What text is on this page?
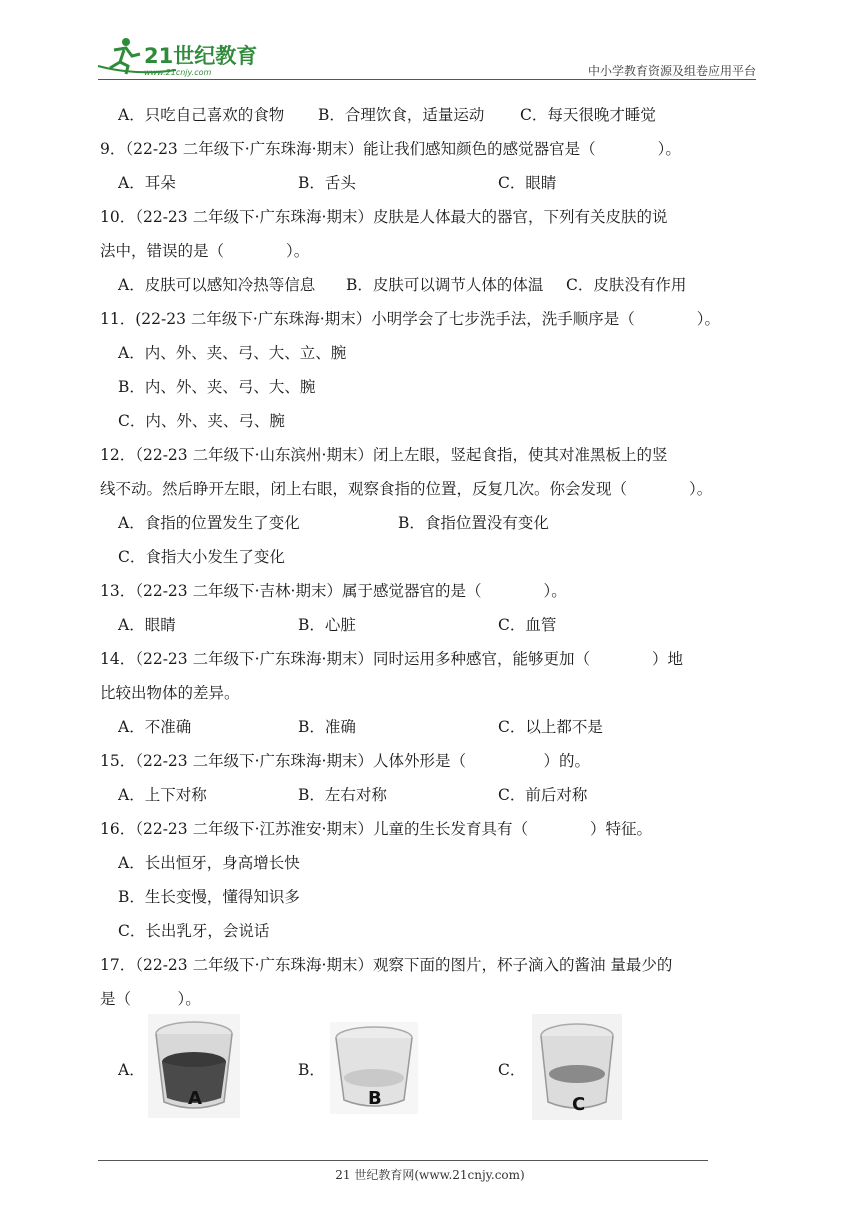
21世纪教育
www.21cnjy.com	中小学教育资源及组卷应用平台
A．只吃自己喜欢的食物 B．合理饮食，适量运动 C．每天很晚才睡觉
9．（22-23 二年级下·广东珠海·期末）能让我们感知颜色的感觉器官是（　　　　）。
A．耳朵	B．舌头	C．眼睛
10．（22-23 二年级下·广东珠海·期末）皮肤是人体最大的器官，下列有关皮肤的说
法中，错误的是（　　　　）。
A．皮肤可以感知冷热等信息 B．皮肤可以调节人体的体温 C．皮肤没有作用
11．(22-23 二年级下·广东珠海·期末）小明学会了七步洗手法，洗手顺序是（　　　　）。
A．内、外、夹、弓、大、立、腕
B．内、外、夹、弓、大、腕
C．内、外、夹、弓、腕
12．（22-23 二年级下·山东滨州·期末）闭上左眼，竖起食指，使其对准黑板上的竖
线不动。然后睁开左眼，闭上右眼，观察食指的位置，反复几次。你会发现（　　　　）。
A．食指的位置发生了变化	B．食指位置没有变化
C．食指大小发生了变化
13．（22-23 二年级下·吉林·期末）属于感觉器官的是（　　　　）。
A．眼睛	B．心脏	C．血管
14．（22-23 二年级下·广东珠海·期末）同时运用多种感官，能够更加（　　　　）地
比较出物体的差异。
A．不准确	B．准确	C．以上都不是
15．（22-23 二年级下·广东珠海·期末）人体外形是（　　　　　）的。
A．上下对称	B．左右对称	C．前后对称
16．（22-23 二年级下·江苏淮安·期末）儿童的生长发育具有（　　　　）特征。
A．长出恒牙，身高增长快
B．生长变慢，懂得知识多
C．长出乳牙，会说话
17．（22-23 二年级下·广东珠海·期末）观察下面的图片，杯子滴入的酱油 量最少的
是（　　　）。
A．
A
B．
B
C．
C
21 世纪教育网(www.21cnjy.com)
